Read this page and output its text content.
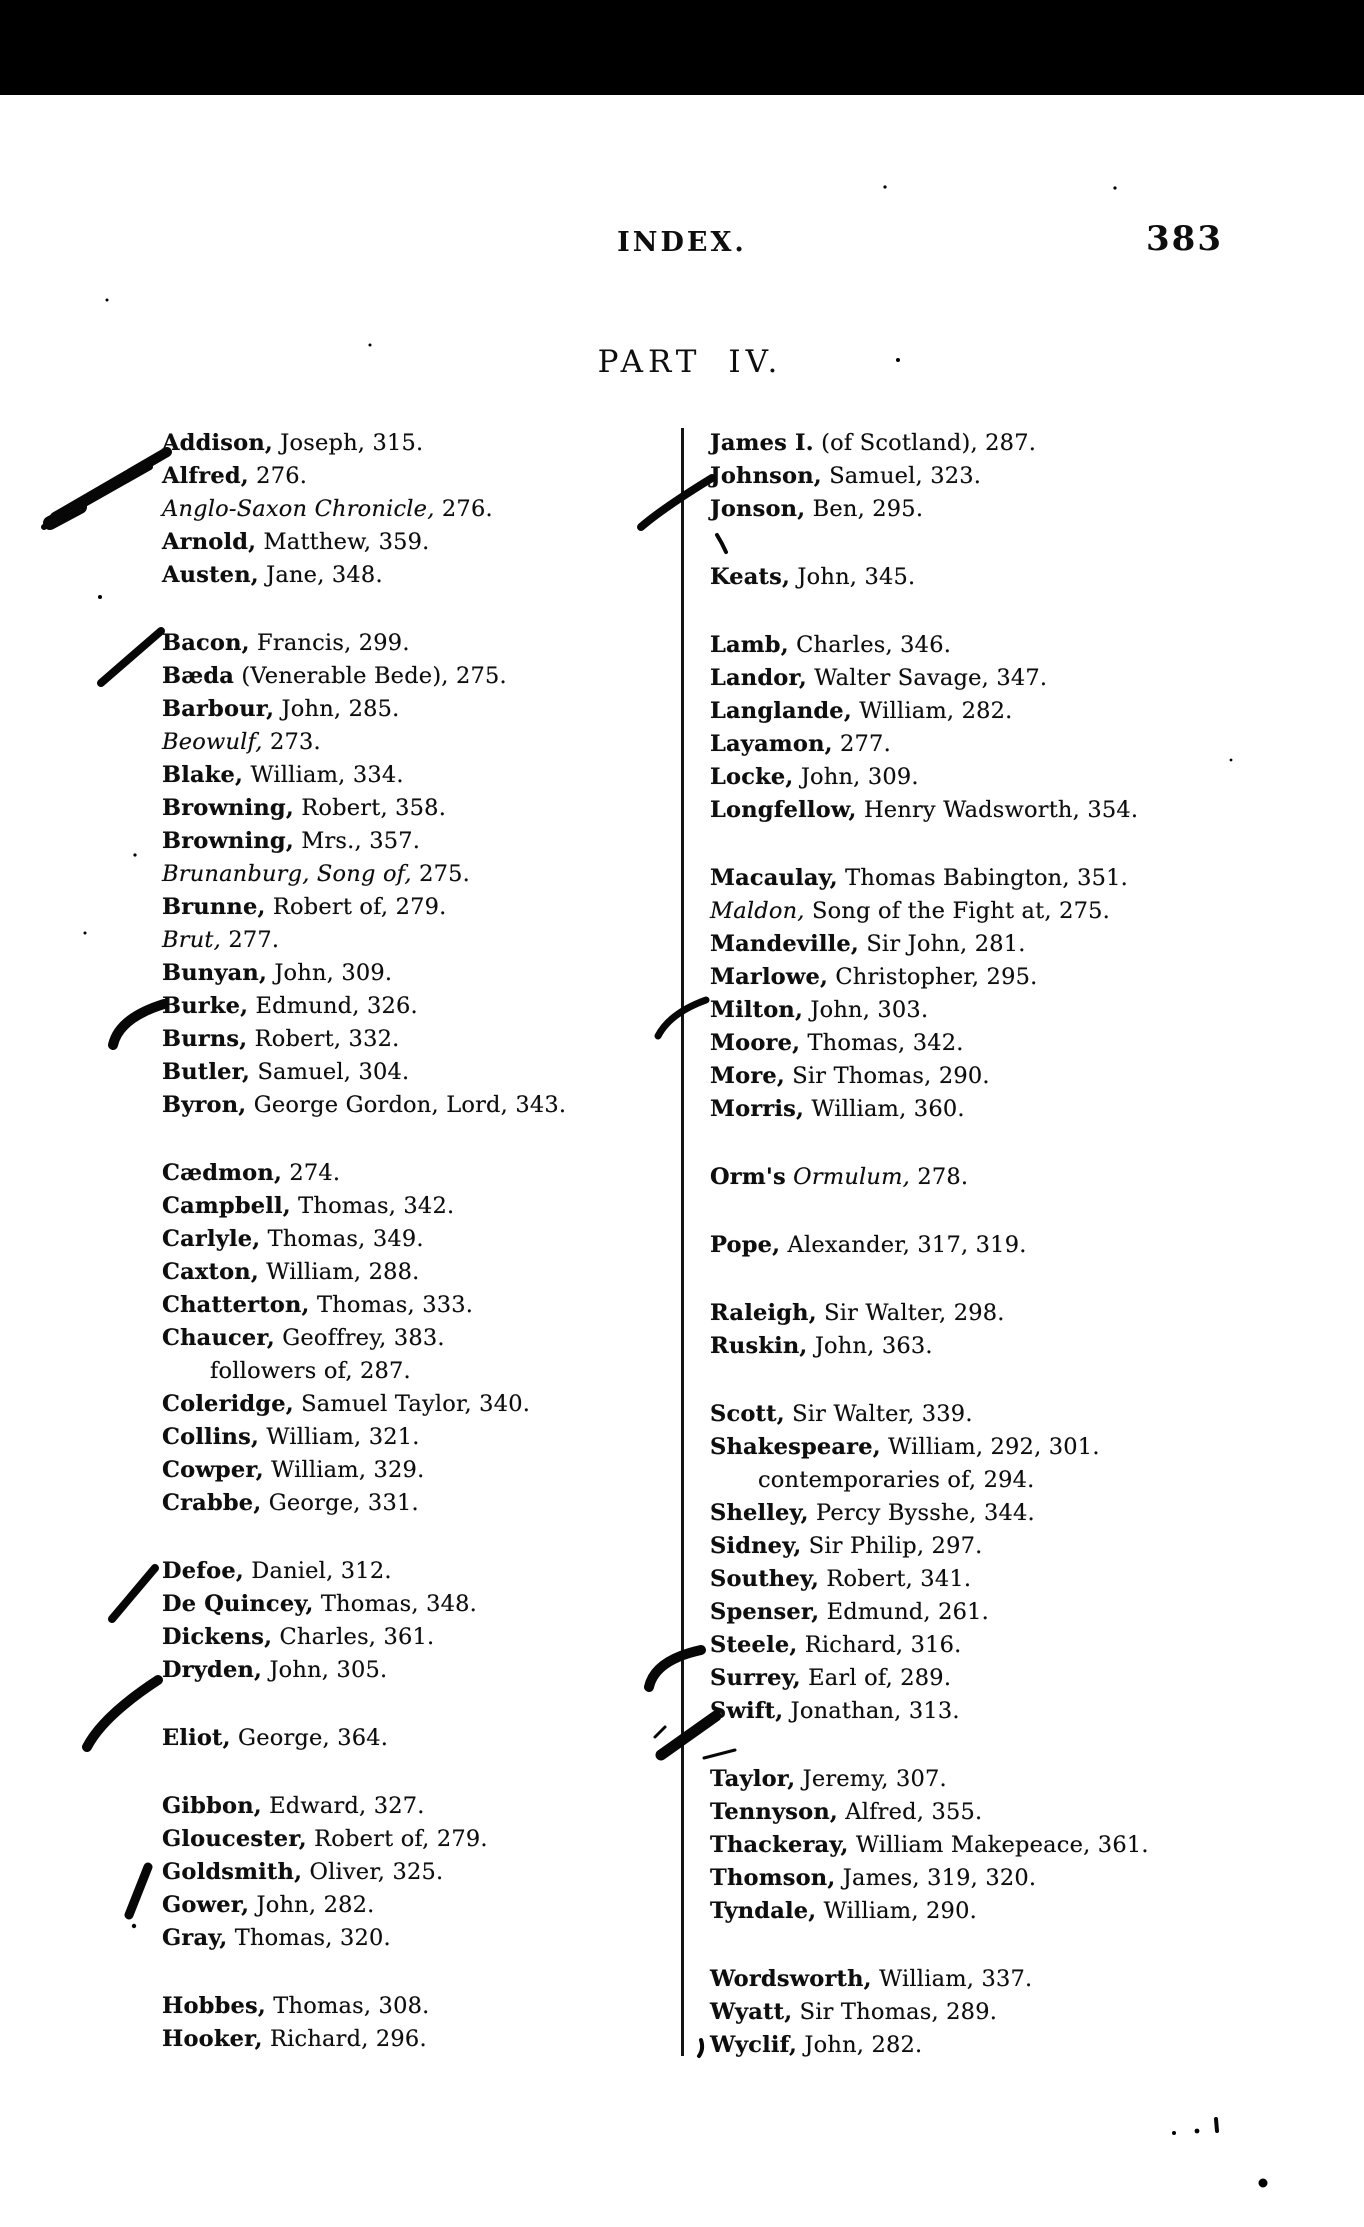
INDEX.	383
PART IV.
Addison, Joseph, 315.
Alfred, 276.
Anglo-Saxon Chronicle, 276.
Arnold, Matthew, 359.
Austen, Jane, 348.
Bacon, Francis, 299.
Bæda (Venerable Bede), 275.
Barbour, John, 285.
Beowulf, 273.
Blake, William, 334.
Browning, Robert, 358.
Browning, Mrs., 357.
Brunanburg, Song of, 275.
Brunne, Robert of, 279.
Brut, 277.
Bunyan, John, 309.
Burke, Edmund, 326.
Burns, Robert, 332.
Butler, Samuel, 304.
Byron, George Gordon, Lord, 343.
Cædmon, 274.
Campbell, Thomas, 342.
Carlyle, Thomas, 349.
Caxton, William, 288.
Chatterton, Thomas, 333.
Chaucer, Geoffrey, 383.
followers of, 287.
Coleridge, Samuel Taylor, 340.
Collins, William, 321.
Cowper, William, 329.
Crabbe, George, 331.
Defoe, Daniel, 312.
De Quincey, Thomas, 348.
Dickens, Charles, 361.
Dryden, John, 305.
Eliot, George, 364.
Gibbon, Edward, 327.
Gloucester, Robert of, 279.
Goldsmith, Oliver, 325.
Gower, John, 282.
Gray, Thomas, 320.
Hobbes, Thomas, 308.
Hooker, Richard, 296.
James I. (of Scotland), 287.
Johnson, Samuel, 323.
Jonson, Ben, 295.
Keats, John, 345.
Lamb, Charles, 346.
Landor, Walter Savage, 347.
Langlande, William, 282.
Layamon, 277.
Locke, John, 309.
Longfellow, Henry Wadsworth, 354.
Macaulay, Thomas Babington, 351.
Maldon, Song of the Fight at, 275.
Mandeville, Sir John, 281.
Marlowe, Christopher, 295.
Milton, John, 303.
Moore, Thomas, 342.
More, Sir Thomas, 290.
Morris, William, 360.
Orm's Ormulum, 278.
Pope, Alexander, 317, 319.
Raleigh, Sir Walter, 298.
Ruskin, John, 363.
Scott, Sir Walter, 339.
Shakespeare, William, 292, 301.
contemporaries of, 294.
Shelley, Percy Bysshe, 344.
Sidney, Sir Philip, 297.
Southey, Robert, 341.
Spenser, Edmund, 261.
Steele, Richard, 316.
Surrey, Earl of, 289.
Swift, Jonathan, 313.
Taylor, Jeremy, 307.
Tennyson, Alfred, 355.
Thackeray, William Makepeace, 361.
Thomson, James, 319, 320.
Tyndale, William, 290.
Wordsworth, William, 337.
Wyatt, Sir Thomas, 289.
Wyclif, John, 282.
